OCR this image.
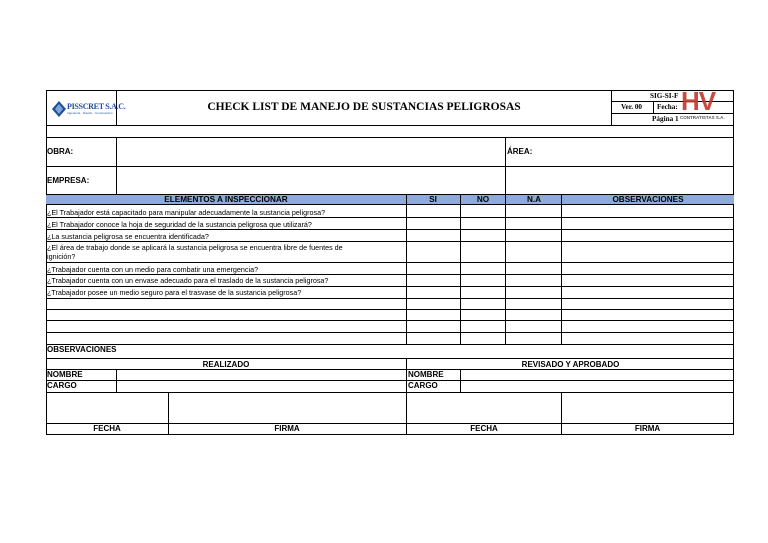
PISSCRET S.A.C.
Ingeniería · Diseño · Construcción	CHECK LIST DE MANEJO DE SUSTANCIAS PELIGROSAS
SIG-SI-F
Ver. 00 Fecha:
Página 1
HV
CONTRATISTAS S.A.
OBRA:	ÁREA:
EMPRESA:
ELEMENTOS A INSPECCIONAR	SI	NO	N.A	OBSERVACIONES
¿El Trabajador está capacitado para manipular adecuadamente la sustancia peligrosa?
¿El Trabajador conoce la hoja de seguridad de la sustancia peligrosa que utilizará?
¿La sustancia peligrosa se encuentra identificada?
¿El área de trabajo donde se aplicará la sustancia peligrosa se encuentra libre de fuentes de
ignición?
¿Trabajador cuenta con un medio para combatir una emergencia?
¿Trabajador cuenta con un envase adecuado para el traslado de la sustancia peligrosa?
¿Trabajador posee un medio seguro para el trasvase de la sustancia peligrosa?
OBSERVACIONES
REALIZADO	REVISADO Y APROBADO
NOMBRE
CARGO
NOMBRE
CARGO
FECHA	FIRMA	FECHA	FIRMA
